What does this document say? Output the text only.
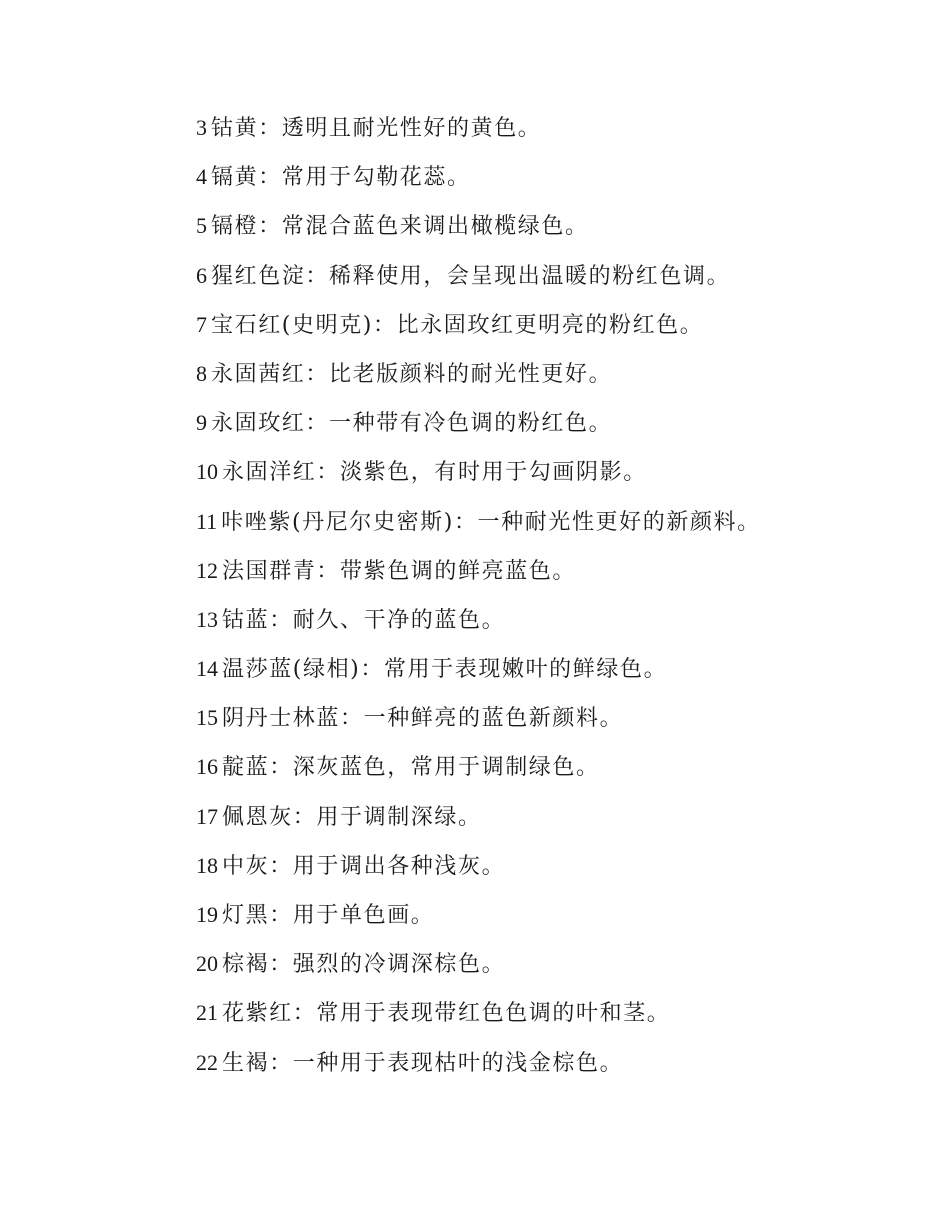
3 钴黄：透明且耐光性好的黄色。
4 镉黄：常用于勾勒花蕊。
5 镉橙：常混合蓝色来调出橄榄绿色。
6 猩红色淀：稀释使用，会呈现出温暖的粉红色调。
7 宝石红(史明克)：比永固玫红更明亮的粉红色。
8 永固茜红：比老版颜料的耐光性更好。
9 永固玫红：一种带有冷色调的粉红色。
10 永固洋红：淡紫色，有时用于勾画阴影。
11 咔唑紫(丹尼尔史密斯)：一种耐光性更好的新颜料。
12 法国群青：带紫色调的鲜亮蓝色。
13 钴蓝：耐久、干净的蓝色。
14 温莎蓝(绿相)：常用于表现嫩叶的鲜绿色。
15 阴丹士林蓝：一种鲜亮的蓝色新颜料。
16 靛蓝：深灰蓝色，常用于调制绿色。
17 佩恩灰：用于调制深绿。
18 中灰：用于调出各种浅灰。
19 灯黑：用于单色画。
20 棕褐：强烈的冷调深棕色。
21 花紫红：常用于表现带红色色调的叶和茎。
22 生褐：一种用于表现枯叶的浅金棕色。
